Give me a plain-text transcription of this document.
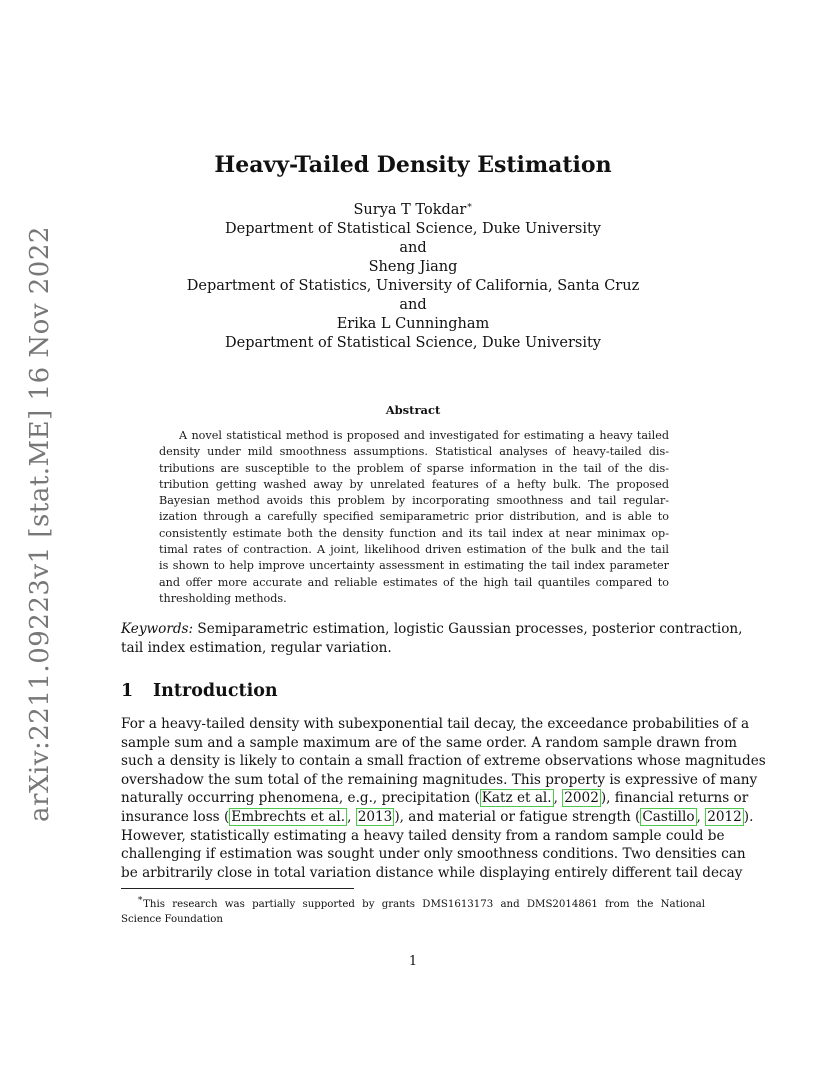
arXiv:2211.09223v1 [stat.ME] 16 Nov 2022
Heavy-Tailed Density Estimation
Surya T Tokdar∗
Department of Statistical Science, Duke University
and
Sheng Jiang
Department of Statistics, University of California, Santa Cruz
and
Erika L Cunningham
Department of Statistical Science, Duke University
Abstract
A novel statistical method is proposed and investigated for estimating a heavy tailed
density under mild smoothness assumptions. Statistical analyses of heavy-tailed dis-
tributions are susceptible to the problem of sparse information in the tail of the dis-
tribution getting washed away by unrelated features of a hefty bulk. The proposed
Bayesian method avoids this problem by incorporating smoothness and tail regular-
ization through a carefully specified semiparametric prior distribution, and is able to
consistently estimate both the density function and its tail index at near minimax op-
timal rates of contraction. A joint, likelihood driven estimation of the bulk and the tail
is shown to help improve uncertainty assessment in estimating the tail index parameter
and offer more accurate and reliable estimates of the high tail quantiles compared to
thresholding methods.
Keywords: Semiparametric estimation, logistic Gaussian processes, posterior contraction,
tail index estimation, regular variation.
1 Introduction
For a heavy-tailed density with subexponential tail decay, the exceedance probabilities of a
sample sum and a sample maximum are of the same order. A random sample drawn from
such a density is likely to contain a small fraction of extreme observations whose magnitudes
overshadow the sum total of the remaining magnitudes. This property is expressive of many
naturally occurring phenomena, e.g., precipitation ( Katz et al. , 2002 ), financial returns or
insurance loss ( Embrechts et al. , 2013 ), and material or fatigue strength ( Castillo , 2012 ).
However, statistically estimating a heavy tailed density from a random sample could be
challenging if estimation was sought under only smoothness conditions. Two densities can
be arbitrarily close in total variation distance while displaying entirely different tail decay
∗This research was partially supported by grants DMS1613173 and DMS2014861 from the National
Science Foundation
1
